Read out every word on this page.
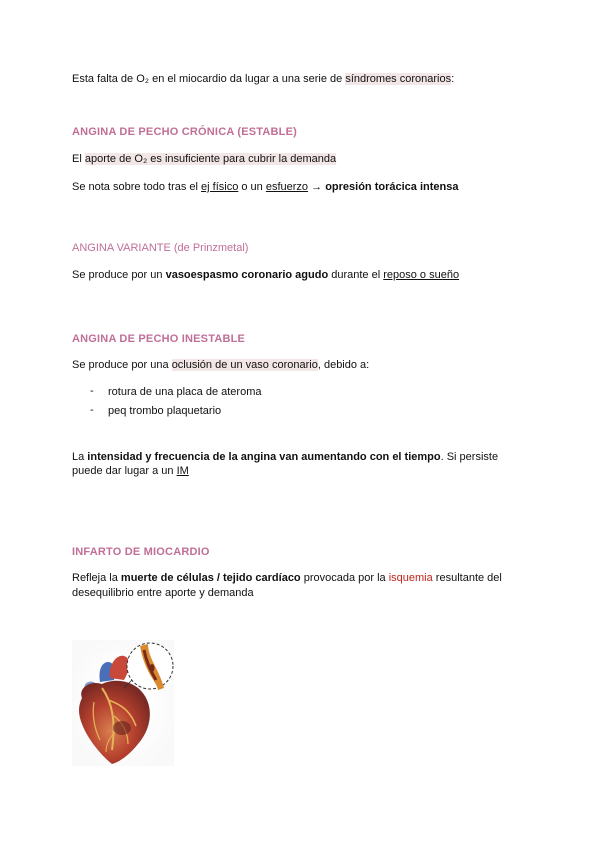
Esta falta de O₂ en el miocardio da lugar a una serie de síndromes coronarios:
ANGINA DE PECHO CRÓNICA (ESTABLE)
El aporte de O₂ es insuficiente para cubrir la demanda
Se nota sobre todo tras el ej físico o un esfuerzo → opresión torácica intensa
ANGINA VARIANTE (de Prinzmetal)
Se produce por un vasoespasmo coronario agudo durante el reposo o sueño
ANGINA DE PECHO INESTABLE
Se produce por una oclusión de un vaso coronario, debido a:
- rotura de una placa de ateroma
- peq trombo plaquetario
La intensidad y frecuencia de la angina van aumentando con el tiempo. Si persiste
puede dar lugar a un IM
INFARTO DE MIOCARDIO
Refleja la muerte de células / tejido cardíaco provocada por la isquemia resultante del
desequilibrio entre aporte y demanda
